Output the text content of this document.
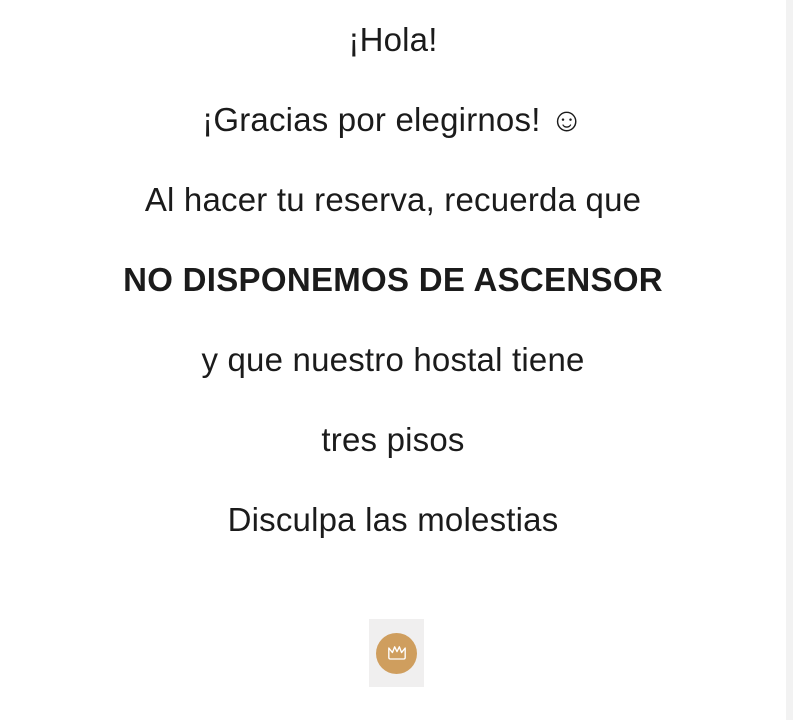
¡Hola!
¡Gracias por elegirnos! ☺
Al hacer tu reserva, recuerda que
NO DISPONEMOS DE ASCENSOR
y que nuestro hostal tiene
tres pisos
Disculpa las molestias
